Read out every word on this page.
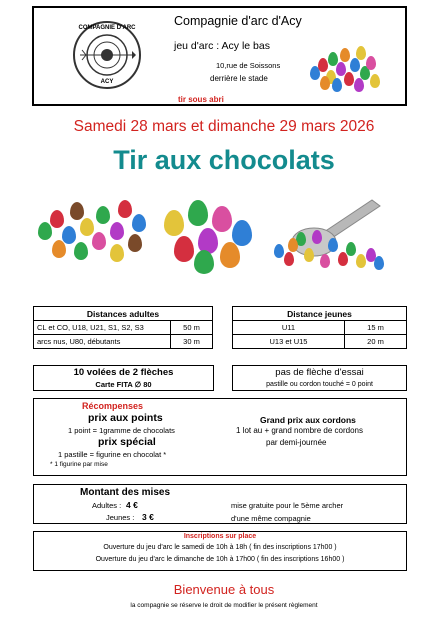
COMPAGNIE D'ARC
ACY
Compagnie d'arc d'Acy
jeu d'arc : Acy le bas
10,rue de Soissons
derrière le stade
tir sous abri
Samedi 28 mars et dimanche 29 mars 2026
Tir aux chocolats
Distances adultes	
CL et CO, U18, U21, S1, S2, S3	50 m
arcs nus, U80, débutants	30 m
Distance jeunes	
U11	15 m
U13 et U15	20 m
10 volées de 2 flèches
Carte FITA ∅ 80
pas de flèche d'essai
pastille ou cordon touché = 0 point
Récompenses
prix aux points
1 point = 1gramme de chocolats
prix spécial
1 pastille = figurine en chocolat *
* 1 figurine par mise
Grand prix aux cordons
1 lot au + grand nombre de cordons
par demi-journée
Montant des mises
Adultes : 4 €
Jeunes : 3 €
mise gratuite pour le 5ème archer
d'une même compagnie
Inscriptions sur place
Ouverture du jeu d'arc le samedi de 10h à 18h ( fin des inscriptions 17h00 )
Ouverture du jeu d'arc le dimanche de 10h à 17h00 ( fin des inscriptions 16h00 )
Bienvenue à tous
la compagnie se réserve le droit de modifier le présent règlement
